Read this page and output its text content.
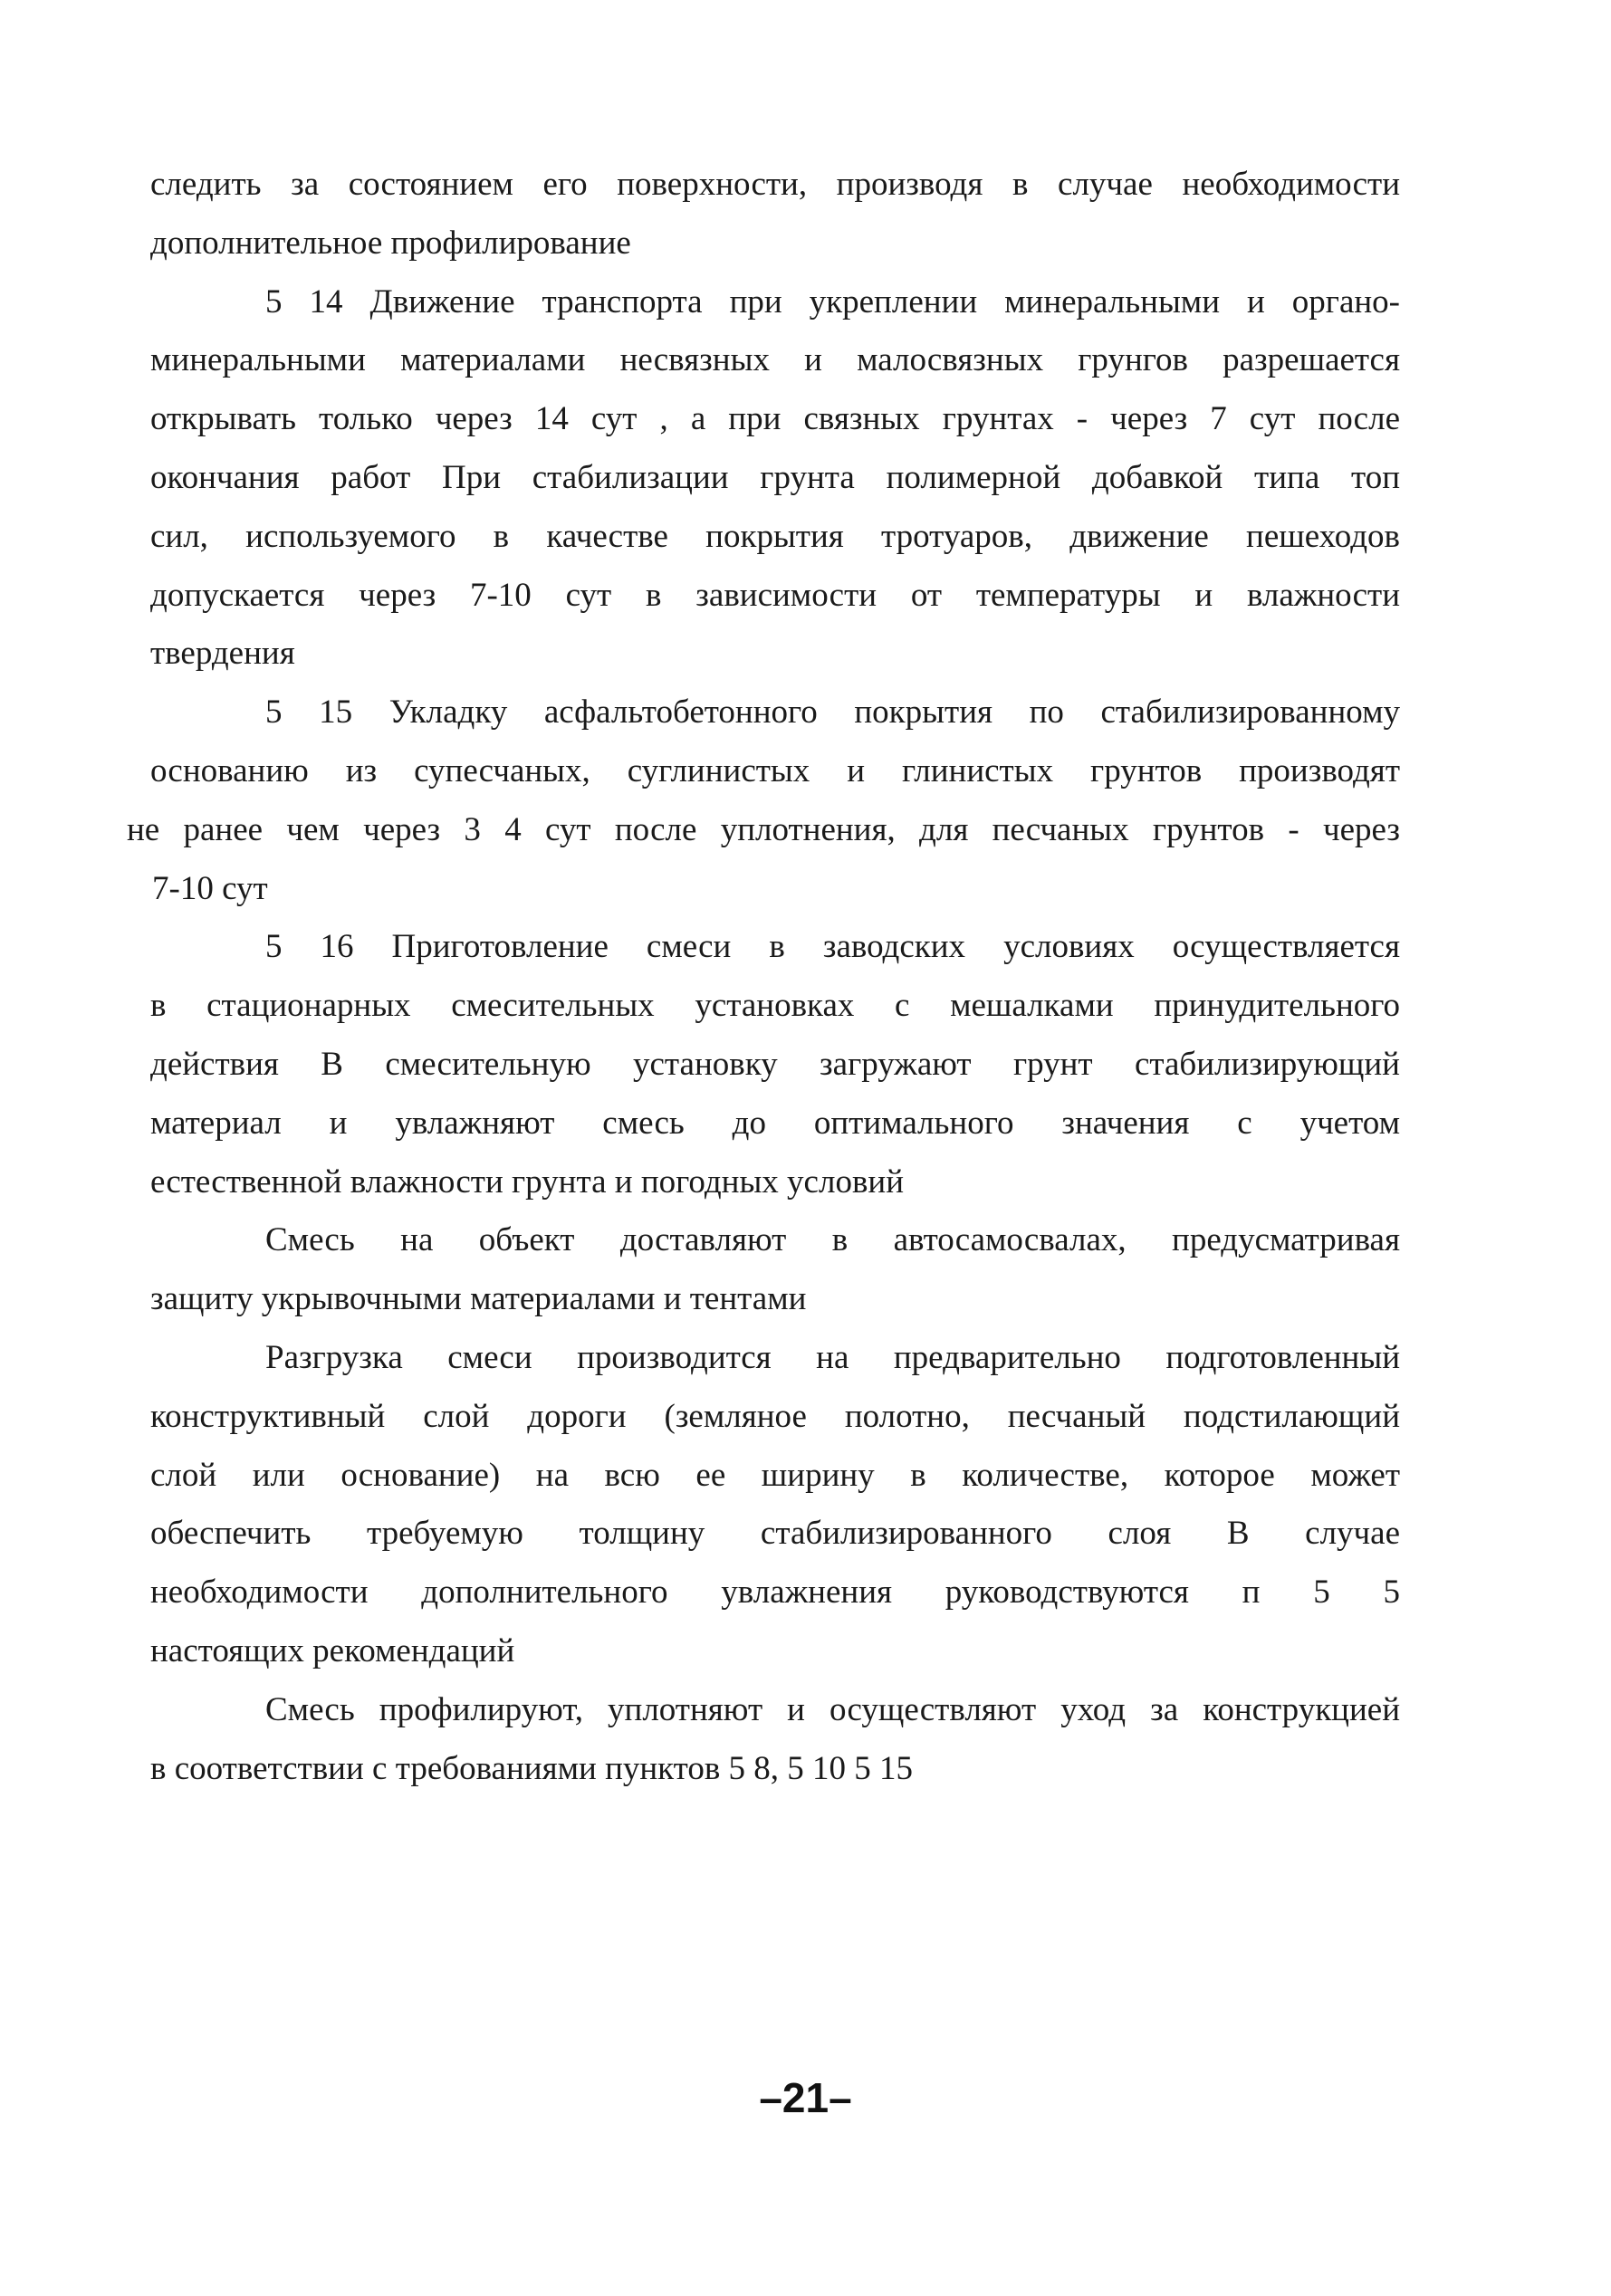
следить за состоянием его поверхности, производя в случае необходимости
дополнительное профилирование
5 14 Движение транспорта при укреплении минеральными и органо-
минеральными материалами несвязных и малосвязных грунгов разрешается
открывать только через 14 сут , а при связных грунтах - через 7 сут после
окончания работ При стабилизации грунта полимерной добавкой типа топ
сил, используемого в качестве покрытия тротуаров, движение пешеходов
допускается через 7-10 сут в зависимости от температуры и влажности
твердения
5 15 Укладку асфальтобетонного покрытия по стабилизированному
основанию из супесчаных, суглинистых и глинистых грунтов производят
не ранее чем через 3 4 сут после уплотнения, для песчаных грунтов - через
7-10 сут
5 16 Приготовление смеси в заводских условиях осуществляется
в стационарных смесительных установках с мешалками принудительного
действия В смесительную установку загружают грунт стабилизирующий
материал и увлажняют смесь до оптимального значения с учетом
естественной влажности грунта и погодных условий
Смесь на объект доставляют в автосамосвалах, предусматривая
защиту укрывочными материалами и тентами
Разгрузка смеси производится на предварительно подготовленный
конструктивный слой дороги (земляное полотно, песчаный подстилающий
слой или основание) на всю ее ширину в количестве, которое может
обеспечить требуемую толщину стабилизированного слоя В случае
необходимости дополнительного увлажнения руководствуются п 5 5
настоящих рекомендаций
Смесь профилируют, уплотняют и осуществляют уход за конструкцией
в соответствии с требованиями пунктов 5 8, 5 10 5 15
–21–
